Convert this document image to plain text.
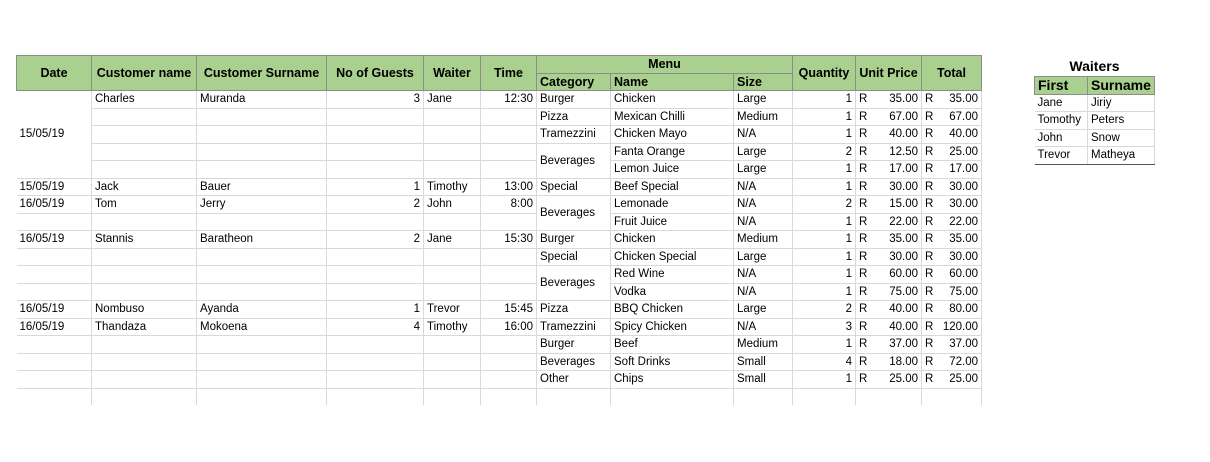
Date	Customer name	Customer Surname	No of Guests	Waiter	Time	Menu			Quantity	Unit Price	Total
						Category	Name	Size			
15/05/19	Charles	Muranda	3	Jane	12:30	Burger	Chicken	Large	1	R 35.00	R 35.00

						Pizza	Mexican Chilli	Medium	1	R 67.00	R 67.00

						Tramezzini	Chicken Mayo	N/A	1	R 40.00	R 40.00

						Beverages	Fanta Orange	Large	2	R 12.50	R 25.00

							Lemon Juice	Large	1	R 17.00	R 17.00

15/05/19	Jack	Bauer	1	Timothy	13:00	Special	Beef Special	N/A	1	R 30.00	R 30.00

16/05/19	Tom	Jerry	2	John	8:00	Beverages	Lemonade	N/A	2	R 15.00	R 30.00

							Fruit Juice	N/A	1	R 22.00	R 22.00

16/05/19	Stannis	Baratheon	2	Jane	15:30	Burger	Chicken	Medium	1	R 35.00	R 35.00

						Special	Chicken Special	Large	1	R 30.00	R 30.00

						Beverages	Red Wine	N/A	1	R 60.00	R 60.00

							Vodka	N/A	1	R 75.00	R 75.00

16/05/19	Nombuso	Ayanda	1	Trevor	15:45	Pizza	BBQ Chicken	Large	2	R 40.00	R 80.00

16/05/19	Thandaza	Mokoena	4	Timothy	16:00	Tramezzini	Spicy Chicken	N/A	3	R 40.00	R 120.00

						Burger	Beef	Medium	1	R 37.00	R 37.00

						Beverages	Soft Drinks	Small	4	R 18.00	R 72.00

						Other	Chips	Small	1	R 25.00	R 25.00

Waiters	
First	Surname
Jane	Jiriy
Tomothy	Peters
John	Snow
Trevor	Matheya
